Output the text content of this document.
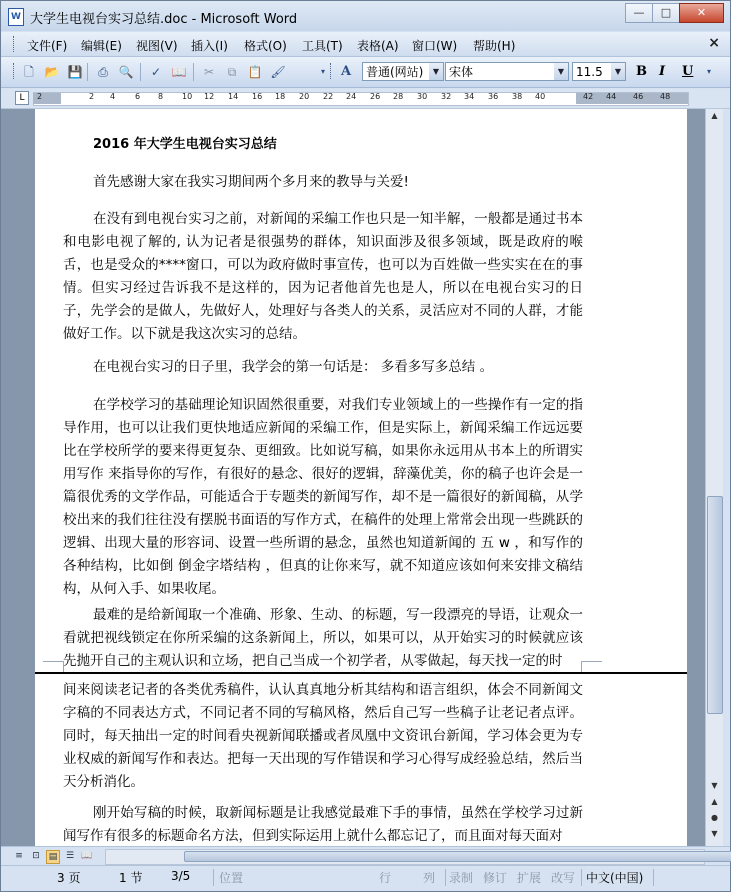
W 大学生电视台实习总结.doc - Microsoft Word	—	□	✕
文件(F) 编辑(E) 视图(V) 插入(I) 格式(O) 工具(T) 表格(A) 窗口(W) 帮助(H)	×
🗋 📂 💾 ⎙ 🔍 ✓ 📖 ✂	⧉ 📋 🖌	▾	A	普通(网站)	▼ 宋体	▼ 11.5	▼	B I U	▾
L	2	2 4 6 8 10 12 14 16 18 20 22 24 26 28 30 32 34 36 38 40	42 44 46 48
2016 年大学生电视台实习总结

首先感谢大家在我实习期间两个多月来的教导与关爱!

在没有到电视台实习之前，对新闻的采编工作也只是一知半解，一般都是通过书本和电影电视了解的, 认为记者是很强势的群体，知识面涉及很多领域，既是政府的喉舌，也是受众的****窗口，可以为政府做时事宣传，也可以为百姓做一些实实在在的事情。但实习经过告诉我不是这样的，因为记者他首先也是人，所以在电视台实习的日子，先学会的是做人，先做好人，处理好与各类人的关系，灵活应对不同的人群，才能做好工作。以下就是我这次实习的总结。

在电视台实习的日子里，我学会的第一句话是： 多看多写多总结 。

在学校学习的基础理论知识固然很重要，对我们专业领域上的一些操作有一定的指导作用，也可以让我们更快地适应新闻的采编工作，但是实际上，新闻采编工作远远要比在学校所学的要来得更复杂、更细致。比如说写稿，如果你永远用从书本上的所谓实用写作 来指导你的写作，有很好的悬念、很好的逻辑，辞藻优美，你的稿子也许会是一篇很优秀的文学作品，可能适合于专题类的新闻写作，却不是一篇很好的新闻稿，从学校出来的我们往往没有摆脱书面语的写作方式，在稿件的处理上常常会出现一些跳跃的逻辑、出现大量的形容词、设置一些所谓的悬念，虽然也知道新闻的 五 w ，和写作的各种结构，比如倒 倒金字塔结构 ，但真的让你来写，就不知道应该如何来安排文稿结构，从何入手、如果收尾。

最难的是给新闻取一个准确、形象、生动、的标题，写一段漂亮的导语，让观众一看就把视线锁定在你所采编的这条新闻上，所以，如果可以，从开始实习的时候就应该先抛开自己的主观认识和立场，把自己当成一个初学者，从零做起，每天找一定的时

间来阅读老记者的各类优秀稿件，认认真真地分析其结构和语言组织，体会不同新闻文字稿的不同表达方式，不同记者不同的写稿风格，然后自己写一些稿子让老记者点评。同时，每天抽出一定的时间看央视新闻联播或者凤凰中文资讯台新闻，学习体会更为专业权威的新闻写作和表达。把每一天出现的写作错误和学习心得写成经验总结，然后当天分析消化。

刚开始写稿的时候，取新闻标题是让我感觉最难下手的事情，虽然在学校学习过新闻写作有很多的标题命名方法，但到实际运用上就什么都忘记了，而且面对每天面对

▲
▼
▲
●
▼
≡ ⊡ ▤ ☰ 📖
3 页	1 节 3/5 位置	行	列 录制 修订 扩展 改写 中文(中国)
